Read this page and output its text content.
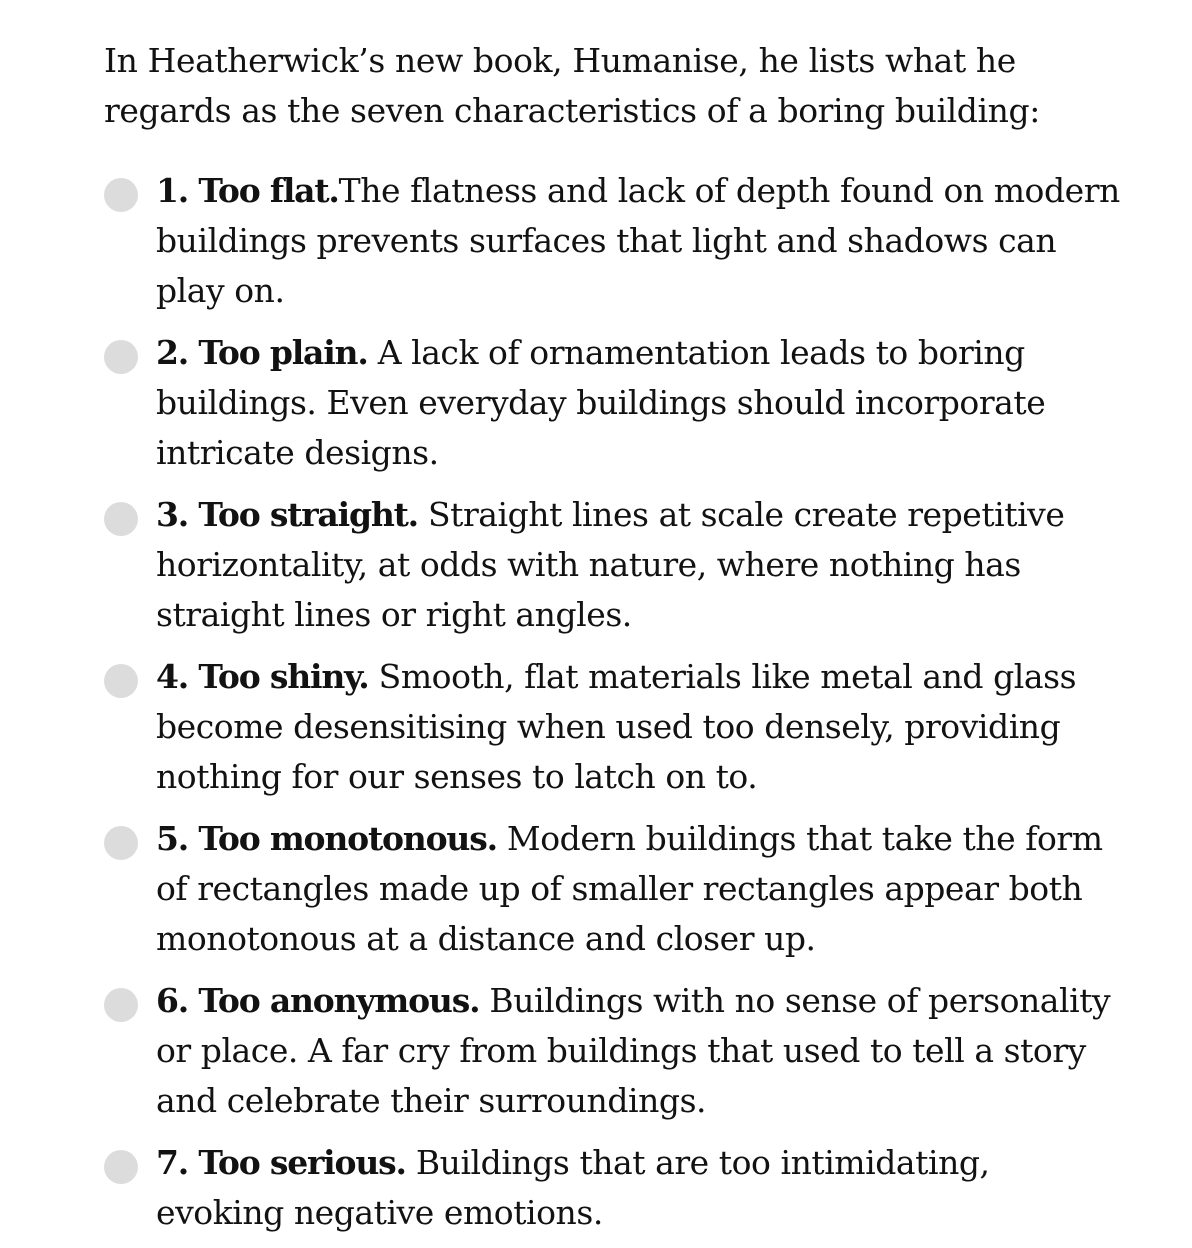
In Heatherwick’s new book, Humanise, he lists what he regards as the seven characteristics of a boring building:

1. Too flat.The flatness and lack of depth found on modern buildings prevents surfaces that light and shadows can play on.
2. Too plain. A lack of ornamentation leads to boring buildings. Even everyday buildings should incorporate intricate designs.
3. Too straight. Straight lines at scale create repetitive horizontality, at odds with nature, where nothing has straight lines or right angles.
4. Too shiny. Smooth, flat materials like metal and glass become desensitising when used too densely, providing nothing for our senses to latch on to.
5. Too monotonous. Modern buildings that take the form of rectangles made up of smaller rectangles appear both monotonous at a distance and closer up.
6. Too anonymous. Buildings with no sense of personality or place. A far cry from buildings that used to tell a story and celebrate their surroundings.
7. Too serious. Buildings that are too intimidating, evoking negative emotions.
